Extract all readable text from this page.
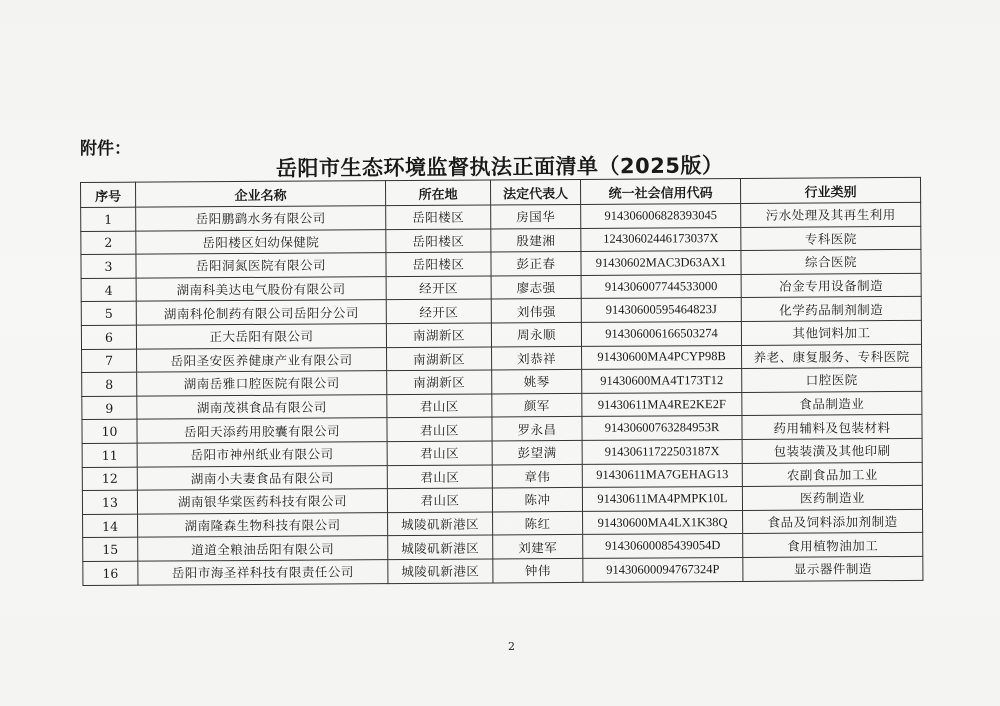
附件：
岳阳市生态环境监督执法正面清单（2025版）
序号	企业名称	所在地	法定代表人	统一社会信用代码	行业类别
1	岳阳鹏鹞水务有限公司	岳阳楼区	房国华	914306006828393045	污水处理及其再生利用
2	岳阳楼区妇幼保健院	岳阳楼区	殷建湘	12430602446173037X	专科医院
3	岳阳洞氮医院有限公司	岳阳楼区	彭正春	91430602MAC3D63AX1	综合医院
4	湖南科美达电气股份有限公司	经开区	廖志强	914306007744533000	冶金专用设备制造
5	湖南科伦制药有限公司岳阳分公司	经开区	刘伟强	91430600595464823J	化学药品制剂制造
6	正大岳阳有限公司	南湖新区	周永顺	914306006166503274	其他饲料加工
7	岳阳圣安医养健康产业有限公司	南湖新区	刘恭祥	91430600MA4PCYP98B	养老、康复服务、专科医院
8	湖南岳雅口腔医院有限公司	南湖新区	姚琴	91430600MA4T173T12	口腔医院
9	湖南茂祺食品有限公司	君山区	颜军	91430611MA4RE2KE2F	食品制造业
10	岳阳天添药用胶囊有限公司	君山区	罗永昌	91430600763284953R	药用辅料及包装材料
11	岳阳市神州纸业有限公司	君山区	彭望满	91430611722503187X	包装装潢及其他印刷
12	湖南小夫妻食品有限公司	君山区	章伟	91430611MA7GEHAG13	农副食品加工业
13	湖南银华棠医药科技有限公司	君山区	陈冲	91430611MA4PMPK10L	医药制造业
14	湖南隆森生物科技有限公司	城陵矶新港区	陈红	91430600MA4LX1K38Q	食品及饲料添加剂制造
15	道道全粮油岳阳有限公司	城陵矶新港区	刘建军	91430600085439054D	食用植物油加工
16	岳阳市海圣祥科技有限责任公司	城陵矶新港区	钟伟	91430600094767324P	显示器件制造
2
